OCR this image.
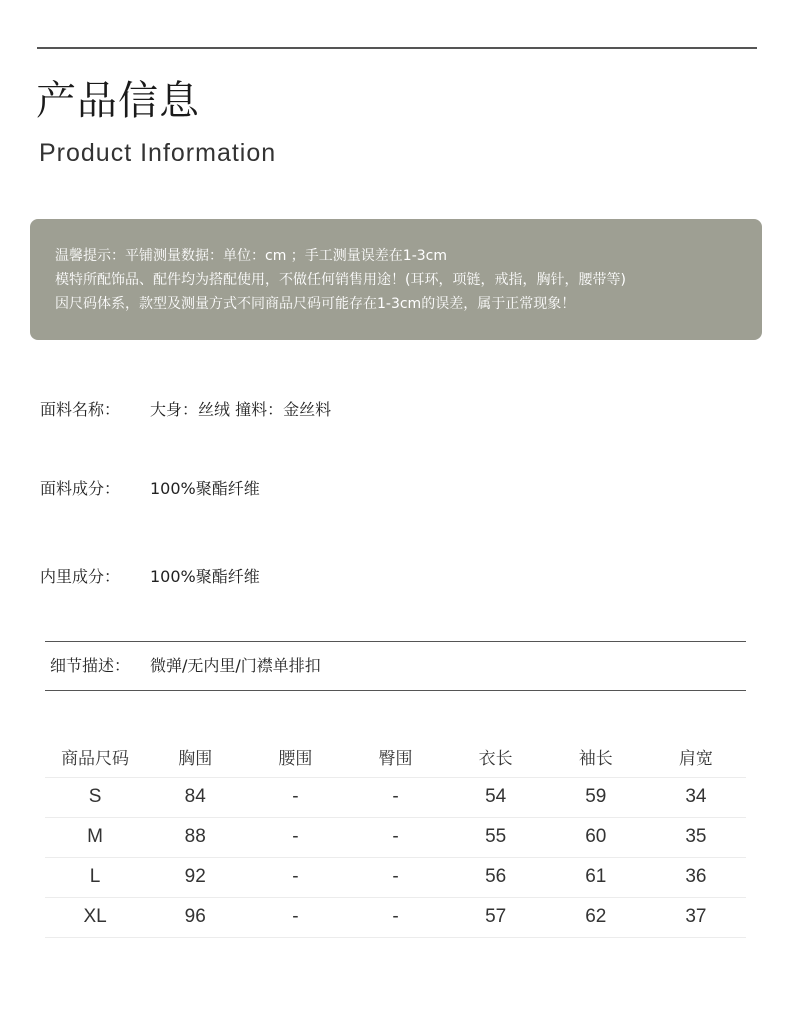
产品信息
Product Information
温馨提示：平铺测量数据：单位：cm ；手工测量误差在1-3cm
模特所配饰品、配件均为搭配使用，不做任何销售用途！(耳环，项链，戒指，胸针，腰带等)
因尺码体系，款型及测量方式不同商品尺码可能存在1-3cm的误差，属于正常现象！
面料名称： 大身：丝绒 撞料：金丝料
面料成分： 100%聚酯纤维
内里成分： 100%聚酯纤维
细节描述： 微弹/无内里/门襟单排扣
商品尺码	胸围	腰围	臀围	衣长	袖长	肩宽
S	84	-	-	54	59	34
M	88	-	-	55	60	35
L	92	-	-	56	61	36
XL	96	-	-	57	62	37
